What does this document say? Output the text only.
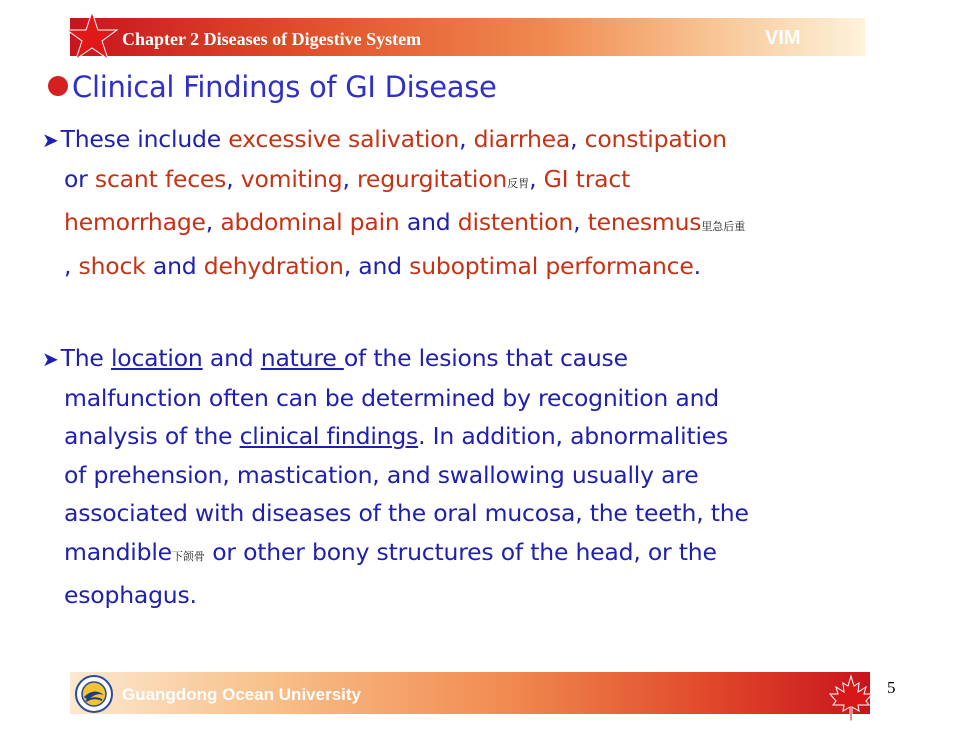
Chapter 2 Diseases of Digestive System	VIM
Clinical Findings of GI Disease
➤These include excessive salivation, diarrhea, constipation
or scant feces, vomiting, regurgitation反胃, GI tract
hemorrhage, abdominal pain and distention, tenesmus里急后重
, shock and dehydration, and suboptimal performance.
➤The location and nature of the lesions that cause
malfunction often can be determined by recognition and
analysis of the clinical findings. In addition, abnormalities
of prehension, mastication, and swallowing usually are
associated with diseases of the oral mucosa, the teeth, the
mandible下颌骨 or other bony structures of the head, or the
esophagus.
Guangdong Ocean University	5
